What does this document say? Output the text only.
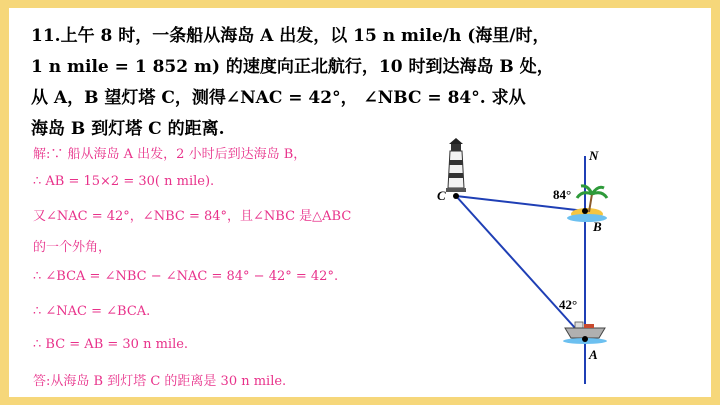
11.上午 8 时，一条船从海岛 A 出发，以 15 n mile/h (海里/时，
1 n mile = 1 852 m) 的速度向正北航行，10 时到达海岛 B 处，
从 A，B 望灯塔 C，测得∠NAC = 42°， ∠NBC = 84°. 求从
海岛 B 到灯塔 C 的距离.
解:∵ 船从海岛 A 出发，2 小时后到达海岛 B，
∴ AB = 15×2 = 30( n mile).
又∠NAC = 42°，∠NBC = 84°，且∠NBC 是△ABC
的一个外角，
∴ ∠BCA = ∠NBC − ∠NAC = 84° − 42° = 42°.
∴ ∠NAC = ∠BCA.
∴ BC = AB = 30 n mile.
答:从海岛 B 到灯塔 C 的距离是 30 n mile.
N
C
B
A
84°
42°
